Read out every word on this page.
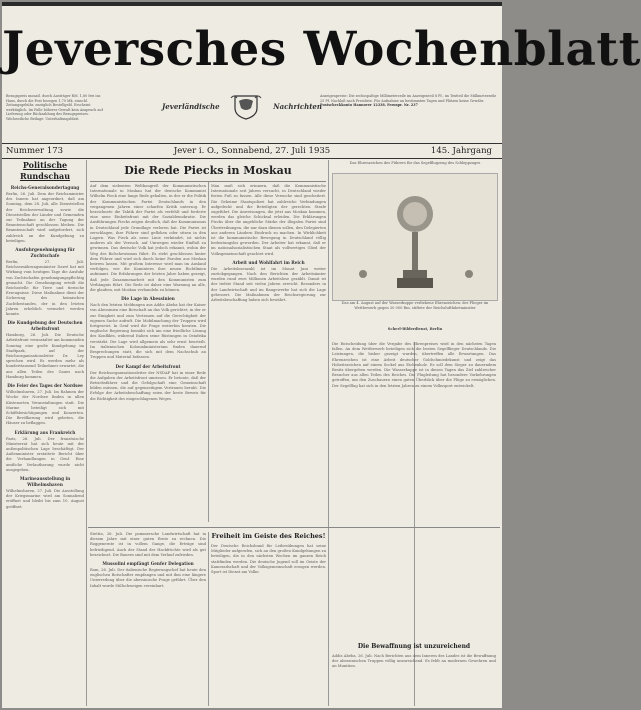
Jeversches Wochenblatt
Bezugspreis monatl. durch Austräger RM. 1,80 frei ins Haus, durch die Post bezogen 1,70 Mk. einschl. Zeitungsgebühr, zuzüglich Bestellgeld. Erscheint werktäglich. Im Falle höherer Gewalt kein Anspruch auf Lieferung oder Rückzahlung des Bezugspreises. Wöchentliche Beilage: Unterhaltungsblatt.
Jeverländische	Nachrichten
Anzeigenpreise: Die sechsspaltige Millimeterzeile im Anzeigenteil 8 Pf., im Textteil die Millimeterzeile 25 Pf. Nachlaß nach Preisliste. Für Aufnahme an bestimmten Tagen und Plätzen keine Gewähr.
Postscheckkonto Hannover 12338. Fernspr. Nr. 237
Nummer 173	Jever i. O., Sonnabend, 27. Juli 1935	145. Jahrgang
Politische Rundschau
Reichs-Generalsondertagung
Berlin, 26. Juli. Dem der Reichsminister des Innern hat angeordnet, daß am Sonntag, dem 28. Juli, alle Dienststellen der Reichsverwaltung sowie die Dienststellen der Länder und Gemeinden zur Teilnahme an der Tagung der Beamtenschaft geschlossen bleiben. Die Beamtenschaft wird aufgefordert, sich zahlreich an der Kundgebung zu beteiligen.
Ausfuhrgenehmigung für Zuchtschafe
Berlin, 27. Juli. Reichsernährungsminister Darré hat mit Wirkung vom heutigen Tage die Ausfuhr von Zuchtschafen genehmigungspflichtig gemacht. Die Genehmigung erteilt die Reichsstelle für Tiere und tierische Erzeugnisse. Diese Maßnahme dient der Sicherung des heimischen Zuchtbestandes, der in den letzten Jahren erheblich vermehrt werden konnte.
Die Kundgebung der Deutschen Arbeitsfront
Hamburg, 26. Juli. Die Deutsche Arbeitsfront veranstaltet am kommenden Sonntag eine große Kundgebung im Stadtpark, auf der Reichsorganisationsleiter Dr. Ley sprechen wird. Es werden mehr als hunderttausend Teilnehmer erwartet, die aus allen Teilen des Gaues nach Hamburg kommen.
Die Feier des Tages der Nordsee
Wilhelmshaven, 27. Juli. Im Rahmen der Woche der Nordsee finden in allen Küstenorten Veranstaltungen statt. Die Marine beteiligt sich mit Schiffsbesichtigungen und Konzerten. Die Bevölkerung wird gebeten, die Häuser zu beflaggen.
Erklärung aus Frankreich
Paris, 26. Juli. Der französische Ministerrat hat sich heute mit der außenpolitischen Lage beschäftigt. Der Außenminister erstattete Bericht über die Verhandlungen in Genf. Eine amtliche Verlautbarung wurde nicht ausgegeben.
Marineausstellung in Wilhelmshaven
Wilhelmshaven, 27. Juli. Die Ausstellung der Kriegsmarine wird am Sonnabend eröffnet und bleibt bis zum 10. August geöffnet.
Die Rede Piecks in Moskau
Auf dem siebenten Weltkongreß der Kommunistischen Internationale in Moskau hat der deutsche Kommunist Wilhelm Pieck eine lange Rede gehalten, in der er die Politik der Kommunistischen Partei Deutschlands in den vergangenen Jahren einer scharfen Kritik unterzog. Er bezeichnete die Taktik der Partei als verfehlt und forderte eine neue Einheitsfront mit der Sozialdemokratie. Die Ausführungen Piecks zeigen deutlich, daß der Kommunismus in Deutschland jede Grundlage verloren hat. Die Partei ist zerschlagen, ihre Führer sind geflohen oder sitzen in den Lagern. Was Pieck als neue Linie verkündet, ist nichts anderes als der Versuch, auf Umwegen wieder Einfluß zu gewinnen. Das deutsche Volk hat jedoch erkannt, wohin der Weg des Bolschewismus führt. Es steht geschlossen hinter dem Führer und wird sich durch keine Parolen aus Moskau beirren lassen. Mit großem Interesse wird man im Ausland verfolgen, wie die Komintern ihre neuen Richtlinien aufnimmt. Die Erfahrungen der letzten Jahre haben gezeigt, daß jede Zusammenarbeit mit den Kommunisten zum Verhängnis führt. Die Rede ist daher eine Warnung an alle, die glauben, mit Moskau verhandeln zu können.
Die Lage in Abessinien
Nach den letzten Meldungen aus Addis Abeba hat der Kaiser von Abessinien eine Botschaft an das Volk gerichtet, in der er zur Einigkeit und zum Vertrauen auf die Gerechtigkeit der eigenen Sache aufruft. Die Mobilmachung der Truppen wird fortgesetzt. In Genf wird die Frage weiterhin beraten. Die englische Regierung bemüht sich um eine friedliche Lösung des Konflikts, während Italien seine Rüstungen in Ostafrika verstärkt. Die Lage wird allgemein als sehr ernst beurteilt. Im italienischen Kolonialministerium finden dauernd Besprechungen statt, die sich mit dem Nachschub an Truppen und Material befassen.
Der Kampf der Arbeitsfront
Der Reichsorganisationsleiter der NSDAP hat in einer Rede die Aufgaben der Arbeitsfront umrissen. Er betonte, daß der Betriebsführer und die Gefolgschaft eine Gemeinschaft bilden müssen, die auf gegenseitigem Vertrauen beruht. Die Erfolge der Arbeitsbeschaffung seien der beste Beweis für die Richtigkeit des eingeschlagenen Weges.
Man muß sich erinnern, daß die Kommunistische Internationale seit Jahren versucht, in Deutschland wieder festen Fuß zu fassen. Alle diese Versuche sind gescheitert. Die Geheime Staatspolizei hat zahlreiche Verbindungen aufgedeckt und die Beteiligten der gerechten Strafe zugeführt. Die Anweisungen, die jetzt aus Moskau kommen, werden das gleiche Schicksal erleiden. Die Erklärungen Piecks über die angebliche Stärke der illegalen Partei sind Übertreibungen, die nur dazu dienen sollen, den Delegierten aus anderen Ländern Eindruck zu machen. In Wirklichkeit ist die kommunistische Bewegung in Deutschland völlig bedeutungslos geworden. Der Arbeiter hat erkannt, daß er im nationalsozialistischen Staat als vollwertiges Glied der Volksgemeinschaft geachtet wird.
Arbeit und Wohlfahrt im Reich
Die Arbeitslosenzahl ist im Monat Juni weiter zurückgegangen. Nach den Berichten der Arbeitsämter wurden rund zwei Millionen Arbeitslose gezählt. Damit ist der tiefste Stand seit vielen Jahren erreicht. Besonders in der Landwirtschaft und im Baugewerbe hat sich die Lage gebessert. Die Maßnahmen der Reichsregierung zur Arbeitsbeschaffung haben sich bewährt.
Das Ehrenzeichen des Führers für das Segelflugzeug des Schleppzuges
Das am 4. August auf der Wasserkuppe verliehene Ehrenzeichen: der Flieger im Wettbewerb gegen 30 000 Rm. stiftete der Reichsluftfahrtminister
Scherl-Bilderdienst, Berlin
Die Entscheidung über die Vergabe des Ehrenpreises wird in den nächsten Tagen fallen. An dem Wettbewerb beteiligen sich die besten Segelflieger Deutschlands. Die Leistungen, die bisher gezeigt wurden, übertreffen alle Erwartungen. Das Ehrenzeichen ist eine Arbeit deutscher Goldschmiedekunst und zeigt das Hoheitszeichen auf einem Sockel aus Eichenholz. Es soll dem Sieger zu dauerndem Besitz übergeben werden. Die Wasserkuppe ist in diesen Tagen das Ziel zahlreicher Besucher aus allen Teilen des Reiches. Die Flugleitung hat besondere Vorkehrungen getroffen, um den Zuschauern einen guten Überblick über die Flüge zu ermöglichen. Der Segelflug hat sich in den letzten Jahren zu einem Volkssport entwickelt.
Stettin, 26. Juli. Die pommersche Landwirtschaft hat in diesem Jahre mit einer guten Ernte zu rechnen. Die Roggenernte ist in vollem Gange, die Erträge sind befriedigend. Auch der Stand der Hackfrüchte wird als gut bezeichnet. Die Bauern sind mit dem Verlauf zufrieden.
Mussolini empfängt Genfer Delegation
Rom, 26. Juli. Der italienische Regierungschef hat heute den englischen Botschafter empfangen und mit ihm eine längere Unterredung über die abessinische Frage geführt. Über den Inhalt wurde Stillschweigen vereinbart.
Freiheit im Geiste des Reiches!
Der Deutsche Reichsbund für Leibesübungen hat seine Mitglieder aufgerufen, sich an den großen Kundgebungen zu beteiligen, die in den nächsten Wochen im ganzen Reich stattfinden werden. Die deutsche Jugend soll im Geiste der Kameradschaft und der Volksgemeinschaft erzogen werden. Sport ist Dienst am Volke.
Die Bewaffnung ist unzureichend
Addis Abeba, 26. Juli. Nach Berichten aus dem Inneren des Landes ist die Bewaffnung der abessinischen Truppen völlig unzureichend. Es fehlt an modernen Gewehren und an Munition.
